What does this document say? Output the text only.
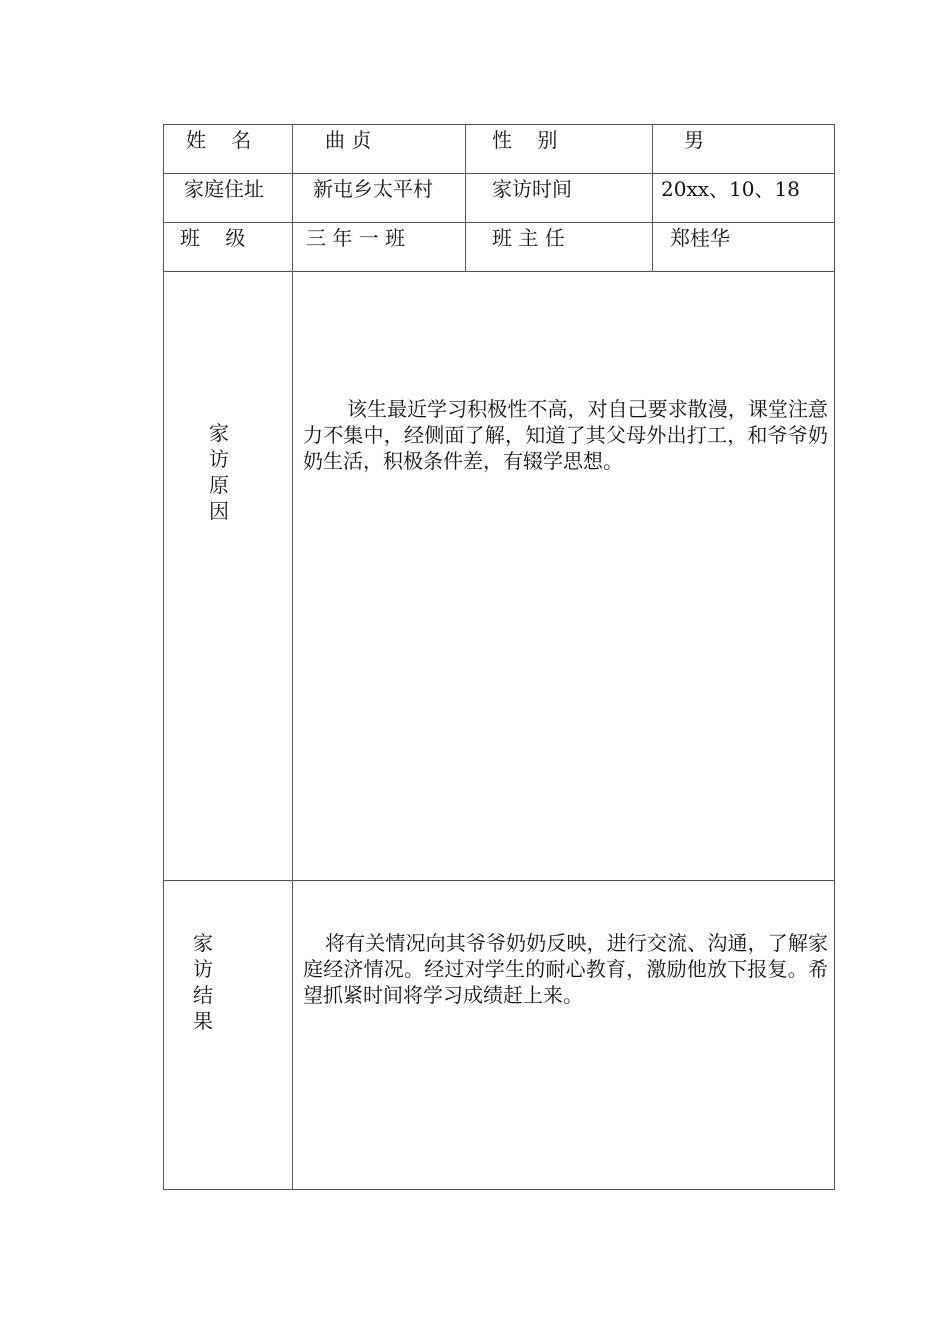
姓    名	曲 贞	性    别	男

家庭住址	新屯乡太平村	家访时间	20xx、10、18

班    级	三 年 一 班	班 主 任	郑桂华

家访原因	该生最近学习积极性不高，对自己要求散漫，课堂注意力不集中，经侧面了解，知道了其父母外出打工，和爷爷奶奶生活，积极条件差，有辍学思想。		

家访结果	将有关情况向其爷爷奶奶反映，进行交流、沟通，了解家庭经济情况。经过对学生的耐心教育，激励他放下报复。希望抓紧时间将学习成绩赶上来。		
